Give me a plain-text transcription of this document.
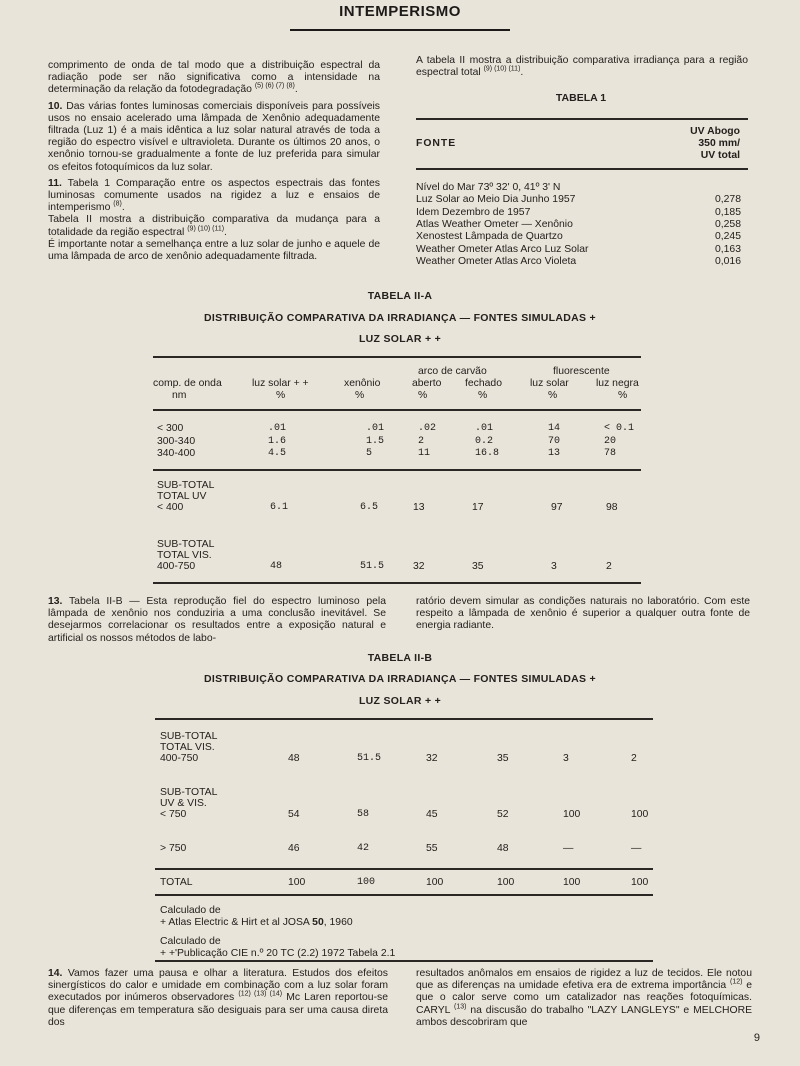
INTEMPERISMO

comprimento de onda de tal modo que a distribuição espectral da radiação pode ser não significativa como a intensidade na determinação da relação da fotodegradação $^{(5) (6) (7) (8)}$.

10. Das várias fontes luminosas comerciais disponíveis para possíveis usos no ensaio acelerado uma lâmpada de Xenônio adequadamente filtrada (Luz 1) é a mais idêntica a luz solar natural através de toda a região do espectro visível e ultravioleta. Durante os últimos 20 anos, o xenônio tornou-se gradualmente a fonte de luz preferida para simular os efeitos fotoquímicos da luz solar.

11. Tabela 1 Comparação entre os aspectos espectrais das fontes luminosas comumente usados na rigidez a luz e ensaios de intemperismo $^{(8)}$.
Tabela II mostra a distribuição comparativa da mudança para a totalidade da região espectral $^{(9) (10) (11)}$.
É importante notar a semelhança entre a luz solar de junho e aquele de uma lâmpada de arco de xenônio adequadamente filtrada.

A tabela II mostra a distribuição comparativa irradiança para a região espectral total $^{(9) (10) (11)}$.
TABELA 1
FONTE
UV Abogo
350 mm/
UV total
Nível do Mar 73º 32' 0, 41º 3' N
Luz Solar ao Meio Dia Junho 1957	0,278
Idem Dezembro de 1957	0,185
Atlas Weather Ometer — Xenônio	0,258
Xenostest Lâmpada de Quartzo	0,245
Weather Ometer Atlas Arco Luz Solar	0,163
Weather Ometer Atlas Arco Violeta	0,016
TABELA II-A
DISTRIBUIÇÃO COMPARATIVA DA IRRADIANÇA — FONTES SIMULADAS +
LUZ SOLAR + +
arco de carvão	fluorescente
comp. de onda	luz solar + +	xenônio	aberto fechado	luz solar	luz negra
nm	%	%	%	%	%	%
< 300	.01	.01	.02	.01	14	< 0.1
300-340	1.6	1.5	2	0.2	70	20
340-400	4.5	5	11	16.8	13	78
SUB-TOTAL
TOTAL UV
< 400	6.1	6.5	13	17	97	98
SUB-TOTAL
TOTAL VIS.
400-750	48	51.5	32	35	3	2
13. Tabela II-B — Esta reprodução fiel do espectro luminoso pela lâmpada de xenônio nos conduziria a uma conclusão inevitável. Se desejarmos correlacionar os resultados entre a exposição natural e artificial os nossos métodos de labo-
ratório devem simular as condições naturais no laboratório. Com este respeito a lâmpada de xenônio é superior a qualquer outra fonte de energia radiante.
TABELA II-B
DISTRIBUIÇÃO COMPARATIVA DA IRRADIANÇA — FONTES SIMULADAS +
LUZ SOLAR + +
SUB-TOTAL
TOTAL VIS.
400-750	48	51.5	32	35	3	2
SUB-TOTAL
UV & VIS.
< 750	54	58	45	52	100	100
> 750	46	42	55	48	—	—
TOTAL	100	100	100	100	100	100
Calculado de
+ Atlas Electric & Hirt et al JOSA 50, 1960
Calculado de
+ +'Publicação CIE n.º 20 TC (2.2) 1972 Tabela 2.1
14. Vamos fazer uma pausa e olhar a literatura. Estudos dos efeitos sinergísticos do calor e umidade em combinação com a luz solar foram executados por inúmeros observadores $^{(12) (13) (14)}$ Mc Laren reportou-se que diferenças em temperatura são desiguais para ser uma causa direta dos
resultados anômalos em ensaios de rigidez a luz de tecidos. Ele notou que as diferenças na umidade efetiva era de extrema importância $^{(12)}$ e que o calor serve como um catalizador nas reações fotoquímicas. CARYL $^{(13)}$ na discusão do trabalho "LAZY LANGLEYS" e MELCHORE ambos descobriram que
9
